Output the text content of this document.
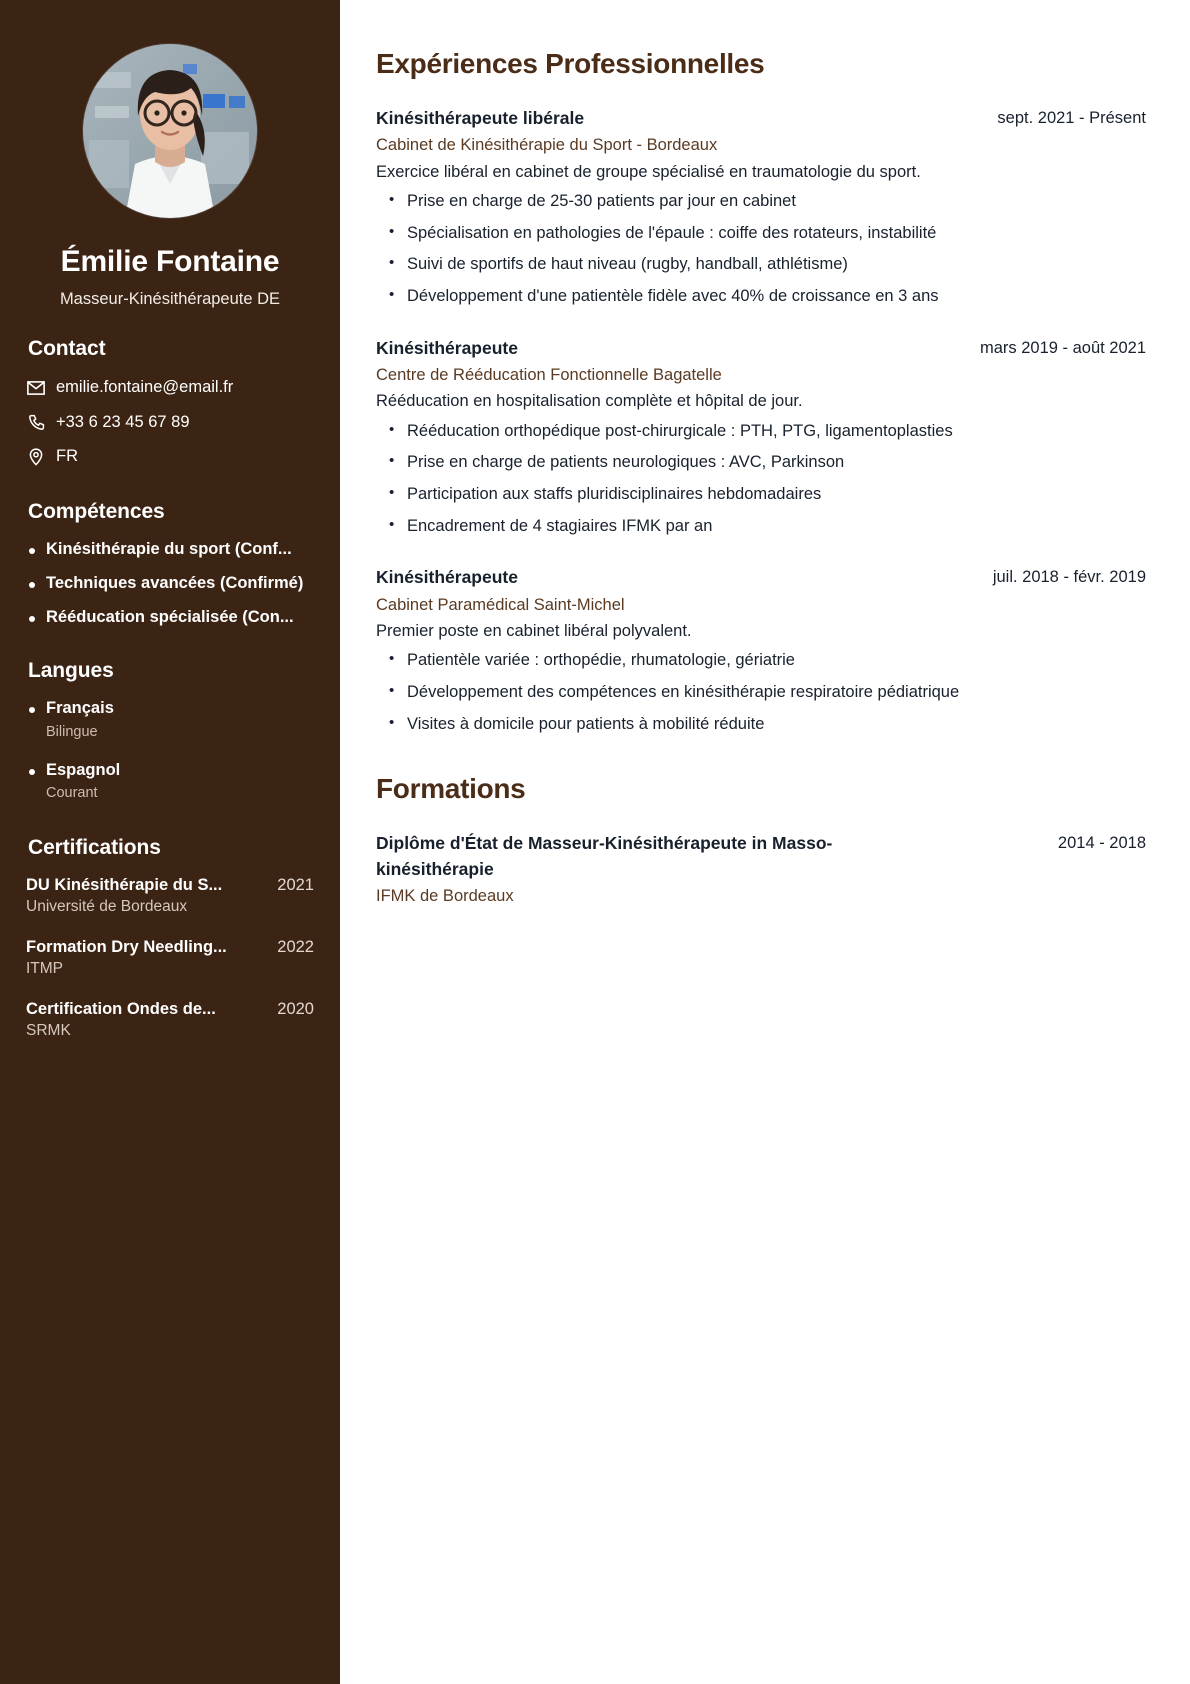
Émilie Fontaine
Masseur-Kinésithérapeute DE
Contact
emilie.fontaine@email.fr
+33 6 23 45 67 89
FR
Compétences
Kinésithérapie du sport (Conf...
Techniques avancées (Confirmé)
Rééducation spécialisée (Con...
Langues
Français
Bilingue
Espagnol
Courant
Certifications
DU Kinésithérapie du S...	2021
Université de Bordeaux
Formation Dry Needling...	2022
ITMP
Certification Ondes de...	2020
SRMK
Expériences Professionnelles
Kinésithérapeute libérale	sept. 2021 - Présent
Cabinet de Kinésithérapie du Sport - Bordeaux
Exercice libéral en cabinet de groupe spécialisé en traumatologie du sport.
• Prise en charge de 25-30 patients par jour en cabinet
• Spécialisation en pathologies de l'épaule : coiffe des rotateurs, instabilité
• Suivi de sportifs de haut niveau (rugby, handball, athlétisme)
• Développement d'une patientèle fidèle avec 40% de croissance en 3 ans
Kinésithérapeute	mars 2019 - août 2021
Centre de Rééducation Fonctionnelle Bagatelle
Rééducation en hospitalisation complète et hôpital de jour.
• Rééducation orthopédique post-chirurgicale : PTH, PTG, ligamentoplasties
• Prise en charge de patients neurologiques : AVC, Parkinson
• Participation aux staffs pluridisciplinaires hebdomadaires
• Encadrement de 4 stagiaires IFMK par an
Kinésithérapeute	juil. 2018 - févr. 2019
Cabinet Paramédical Saint-Michel
Premier poste en cabinet libéral polyvalent.
• Patientèle variée : orthopédie, rhumatologie, gériatrie
• Développement des compétences en kinésithérapie respiratoire pédiatrique
• Visites à domicile pour patients à mobilité réduite
Formations
Diplôme d'État de Masseur-Kinésithérapeute in Masso-kinésithérapie
2014 - 2018
IFMK de Bordeaux
